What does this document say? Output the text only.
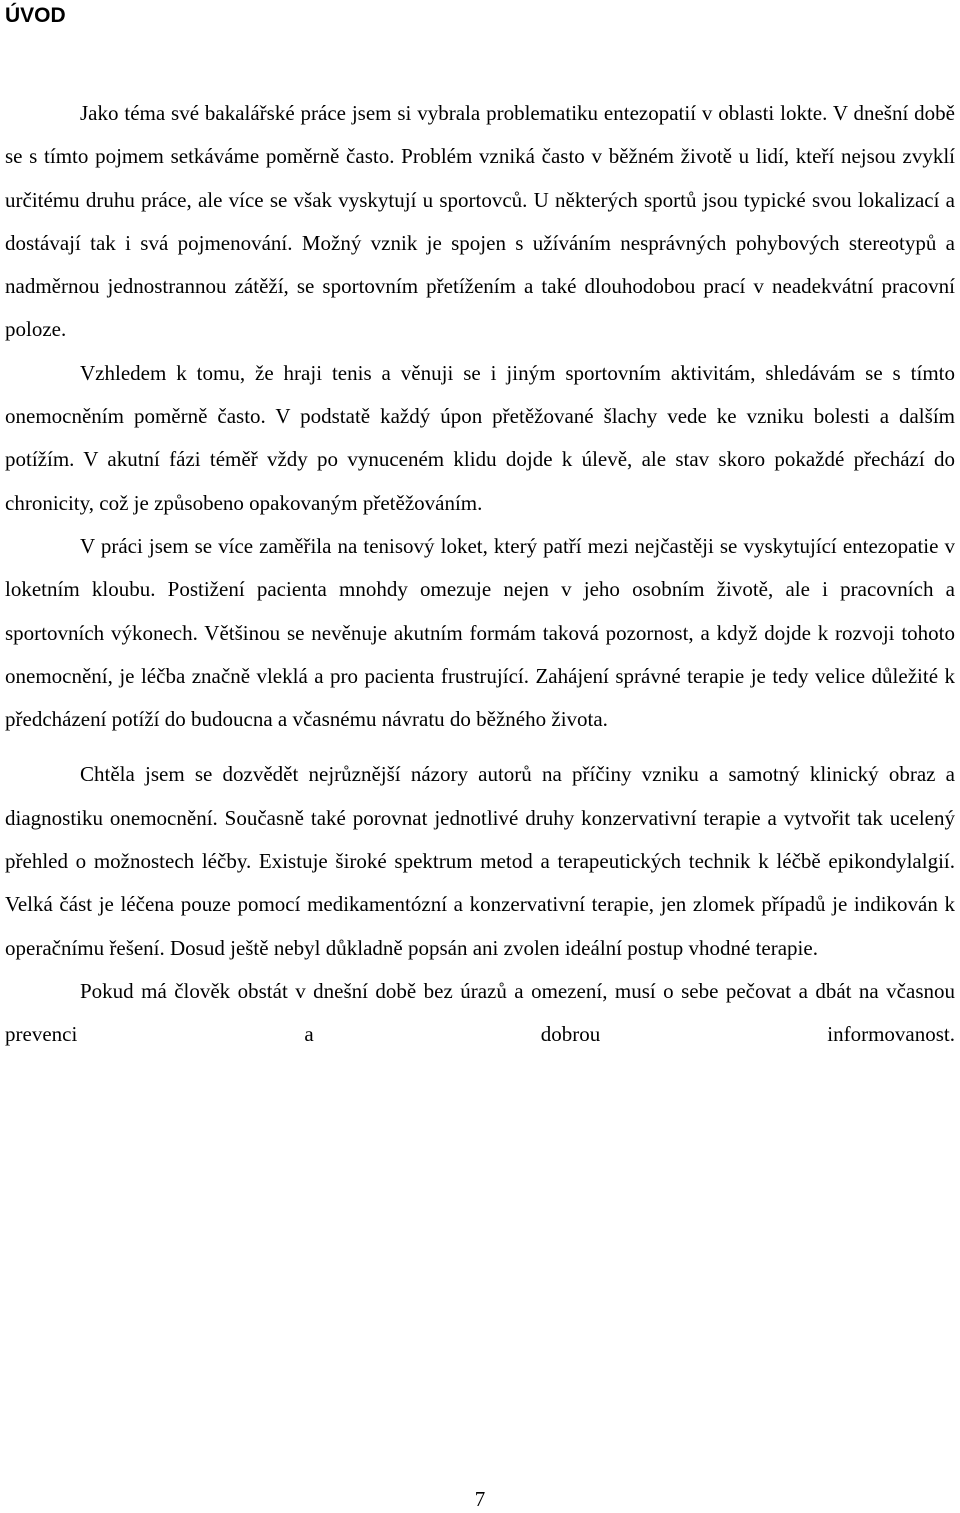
ÚVOD

Jako téma své bakalářské práce jsem si vybrala problematiku entezopatií v oblasti lokte. V dnešní době se s tímto pojmem setkáváme poměrně často. Problém vzniká často v běžném životě u lidí, kteří nejsou zvyklí určitému druhu práce, ale více se však vyskytují u sportovců. U některých sportů jsou typické svou lokalizací a dostávají tak i svá pojmenování. Možný vznik je spojen s užíváním nesprávných pohybových stereotypů a nadměrnou jednostrannou zátěží, se sportovním přetížením a také dlouhodobou prací v neadekvátní pracovní poloze.

Vzhledem k tomu, že hraji tenis a věnuji se i jiným sportovním aktivitám, shledávám se s tímto onemocněním poměrně často. V podstatě každý úpon přetěžované šlachy vede ke vzniku bolesti a dalším potížím. V akutní fázi téměř vždy po vynuceném klidu dojde k úlevě, ale stav skoro pokaždé přechází do chronicity, což je způsobeno opakovaným přetěžováním.

V práci jsem se více zaměřila na tenisový loket, který patří mezi nejčastěji se vyskytující entezopatie v loketním kloubu. Postižení pacienta mnohdy omezuje nejen v jeho osobním životě, ale i pracovních a sportovních výkonech. Většinou se nevěnuje akutním formám taková pozornost, a když dojde k rozvoji tohoto onemocnění, je léčba značně vleklá a pro pacienta frustrující. Zahájení správné terapie je tedy velice důležité k předcházení potíží do budoucna a včasnému návratu do běžného života.

Chtěla jsem se dozvědět nejrůznější názory autorů na příčiny vzniku a samotný klinický obraz a diagnostiku onemocnění. Současně také porovnat jednotlivé druhy konzervativní terapie a vytvořit tak ucelený přehled o možnostech léčby. Existuje široké spektrum metod a terapeutických technik k léčbě epikondylalgií. Velká část je léčena pouze pomocí medikamentózní a konzervativní terapie, jen zlomek případů je indikován k operačnímu řešení. Dosud ještě nebyl důkladně popsán ani zvolen ideální postup vhodné terapie.

Pokud má člověk obstát v dnešní době bez úrazů a omezení, musí o sebe pečovat a dbát na včasnou prevenci a dobrou informovanost.

7
